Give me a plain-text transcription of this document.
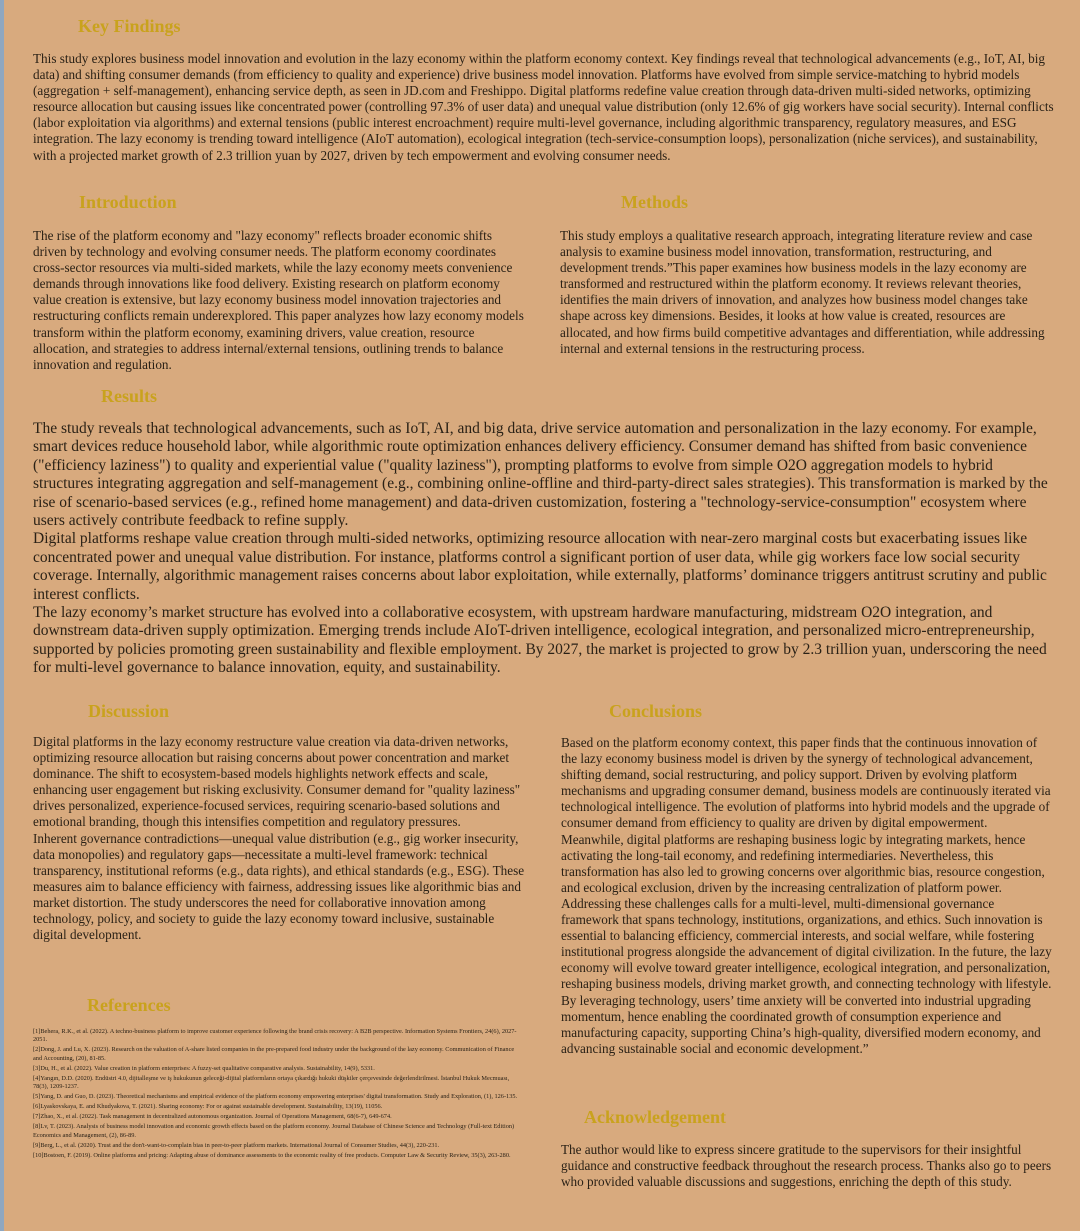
Key Findings

This study explores business model innovation and evolution in the lazy economy within the platform economy context. Key findings reveal that technological advancements (e.g., IoT, AI, big data) and shifting consumer demands (from efficiency to quality and experience) drive business model innovation. Platforms have evolved from simple service-matching to hybrid models (aggregation + self-management), enhancing service depth, as seen in JD.com and Freshippo. Digital platforms redefine value creation through data-driven multi-sided networks, optimizing resource allocation but causing issues like concentrated power (controlling 97.3% of user data) and unequal value distribution (only 12.6% of gig workers have social security). Internal conflicts (labor exploitation via algorithms) and external tensions (public interest encroachment) require multi-level governance, including algorithmic transparency, regulatory measures, and ESG integration. The lazy economy is trending toward intelligence (AIoT automation), ecological integration (tech-service-consumption loops), personalization (niche services), and sustainability, with a projected market growth of 2.3 trillion yuan by 2027, driven by tech empowerment and evolving consumer needs.

Introduction

The rise of the platform economy and "lazy economy" reflects broader economic shifts driven by technology and evolving consumer needs. The platform economy coordinates cross-sector resources via multi-sided markets, while the lazy economy meets convenience demands through innovations like food delivery. Existing research on platform economy value creation is extensive, but lazy economy business model innovation trajectories and restructuring conflicts remain underexplored. This paper analyzes how lazy economy models transform within the platform economy, examining drivers, value creation, resource allocation, and strategies to address internal/external tensions, outlining trends to balance innovation and regulation.

Methods

This study employs a qualitative research approach, integrating literature review and case analysis to examine business model innovation, transformation, restructuring, and development trends.”This paper examines how business models in the lazy economy are transformed and restructured within the platform economy. It reviews relevant theories, identifies the main drivers of innovation, and analyzes how business model changes take shape across key dimensions. Besides, it looks at how value is created, resources are allocated, and how firms build competitive advantages and differentiation, while addressing internal and external tensions in the restructuring process.

Results

The study reveals that technological advancements, such as IoT, AI, and big data, drive service automation and personalization in the lazy economy. For example, smart devices reduce household labor, while algorithmic route optimization enhances delivery efficiency. Consumer demand has shifted from basic convenience ("efficiency laziness") to quality and experiential value ("quality laziness"), prompting platforms to evolve from simple O2O aggregation models to hybrid structures integrating aggregation and self-management (e.g., combining online-offline and third-party-direct sales strategies). This transformation is marked by the rise of scenario-based services (e.g., refined home management) and data-driven customization, fostering a "technology-service-consumption" ecosystem where users actively contribute feedback to refine supply.

Digital platforms reshape value creation through multi-sided networks, optimizing resource allocation with near-zero marginal costs but exacerbating issues like concentrated power and unequal value distribution. For instance, platforms control a significant portion of user data, while gig workers face low social security coverage. Internally, algorithmic management raises concerns about labor exploitation, while externally, platforms’ dominance triggers antitrust scrutiny and public interest conflicts.

The lazy economy’s market structure has evolved into a collaborative ecosystem, with upstream hardware manufacturing, midstream O2O integration, and downstream data-driven supply optimization. Emerging trends include AIoT-driven intelligence, ecological integration, and personalized micro-entrepreneurship, supported by policies promoting green sustainability and flexible employment. By 2027, the market is projected to grow by 2.3 trillion yuan, underscoring the need for multi-level governance to balance innovation, equity, and sustainability.

Discussion

Digital platforms in the lazy economy restructure value creation via data-driven networks, optimizing resource allocation but raising concerns about power concentration and market dominance. The shift to ecosystem-based models highlights network effects and scale, enhancing user engagement but risking exclusivity. Consumer demand for "quality laziness" drives personalized, experience-focused services, requiring scenario-based solutions and emotional branding, though this intensifies competition and regulatory pressures.

Inherent governance contradictions—unequal value distribution (e.g., gig worker insecurity, data monopolies) and regulatory gaps—necessitate a multi-level framework: technical transparency, institutional reforms (e.g., data rights), and ethical standards (e.g., ESG). These measures aim to balance efficiency with fairness, addressing issues like algorithmic bias and market distortion. The study underscores the need for collaborative innovation among technology, policy, and society to guide the lazy economy toward inclusive, sustainable digital development.

References
[1]Behera, R.K., et al. (2022). A techno-business platform to improve customer experience following the brand crisis recovery: A B2B perspective. Information Systems Frontiers, 24(6), 2027-2051.
[2]Dong, J. and Lu, X. (2023). Research on the valuation of A-share listed companies in the pre-prepared food industry under the background of the lazy economy. Communication of Finance and Accounting, (20), 81-85.
[3]Du, H., et al. (2022). Value creation in platform enterprises: A fuzzy-set qualitative comparative analysis. Sustainability, 14(9), 5331.
[4]Yangın, D.D. (2020). Endüstri 4.0, dijitalleşme ve iş hukukunun geleceği-dijital platformların ortaya çıkardığı hukuki düşkiler çerçevesinde değerlendirilmesi. İstanbul Hukuk Mecmuası, 78(3), 1209-1237.
[5]Yang, D. and Guo, D. (2023). Theoretical mechanisms and empirical evidence of the platform economy empowering enterprises' digital transformation. Study and Exploration, (1), 126-135.
[6]Lyaskovskaya, E. and Khudyakova, T. (2021). Sharing economy: For or against sustainable development. Sustainability, 13(19), 11056.
[7]Zhao, X., et al. (2022). Task management in decentralized autonomous organization. Journal of Operations Management, 68(6-7), 649-674.
[8]Lv, T. (2023). Analysis of business model innovation and economic growth effects based on the platform economy. Journal Database of Chinese Science and Technology (Full-text Edition) Economics and Management, (2), 86-89.
[9]Berg, L., et al. (2020). Trust and the don't-want-to-complain bias in peer-to-peer platform markets. International Journal of Consumer Studies, 44(3), 220-231.
[10]Bostoen, F. (2019). Online platforms and pricing: Adapting abuse of dominance assessments to the economic reality of free products. Computer Law & Security Review, 35(3), 263-280.
Conclusions

Based on the platform economy context, this paper finds that the continuous innovation of the lazy economy business model is driven by the synergy of technological advancement, shifting demand, social restructuring, and policy support. Driven by evolving platform mechanisms and upgrading consumer demand, business models are continuously iterated via technological intelligence. The evolution of platforms into hybrid models and the upgrade of consumer demand from efficiency to quality are driven by digital empowerment. Meanwhile, digital platforms are reshaping business logic by integrating markets, hence activating the long-tail economy, and redefining intermediaries. Nevertheless, this transformation has also led to growing concerns over algorithmic bias, resource congestion, and ecological exclusion, driven by the increasing centralization of platform power. Addressing these challenges calls for a multi-level, multi-dimensional governance framework that spans technology, institutions, organizations, and ethics. Such innovation is essential to balancing efficiency, commercial interests, and social welfare, while fostering institutional progress alongside the advancement of digital civilization. In the future, the lazy economy will evolve toward greater intelligence, ecological integration, and personalization, reshaping business models, driving market growth, and connecting technology with lifestyle. By leveraging technology, users’ time anxiety will be converted into industrial upgrading momentum, hence enabling the coordinated growth of consumption experience and manufacturing capacity, supporting China’s high-quality, diversified modern economy, and advancing sustainable social and economic development.”

Acknowledgement

The author would like to express sincere gratitude to the supervisors for their insightful guidance and constructive feedback throughout the research process. Thanks also go to peers who provided valuable discussions and suggestions, enriching the depth of this study.
